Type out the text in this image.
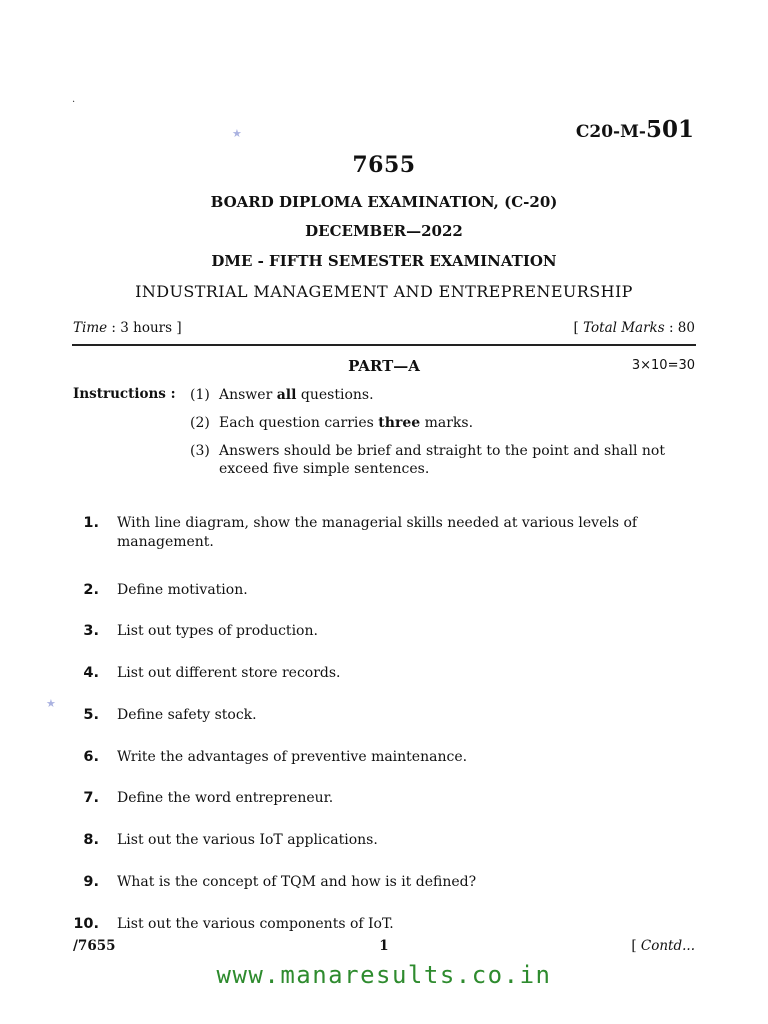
.
★
★
C20-M-501
7655
BOARD DIPLOMA EXAMINATION, (C-20)
DECEMBER—2022
DME - FIFTH SEMESTER EXAMINATION
INDUSTRIAL MANAGEMENT AND ENTREPRENEURSHIP
Time : 3 hours ]	[ Total Marks : 80
PART—A	3×10=30
Instructions : (1) Answer all questions.
(2) Each question carries three marks.
(3) Answers should be brief and straight to the point and shall not exceed five simple sentences.
1. With line diagram, show the managerial skills needed at various levels of management.
2. Define motivation.
3. List out types of production.
4. List out different store records.
5. Define safety stock.
6. Write the advantages of preventive maintenance.
7. Define the word entrepreneur.
8. List out the various IoT applications.
9. What is the concept of TQM and how is it defined?
10. List out the various components of IoT.
/7655	1	[ Contd...
www.manaresults.co.in
